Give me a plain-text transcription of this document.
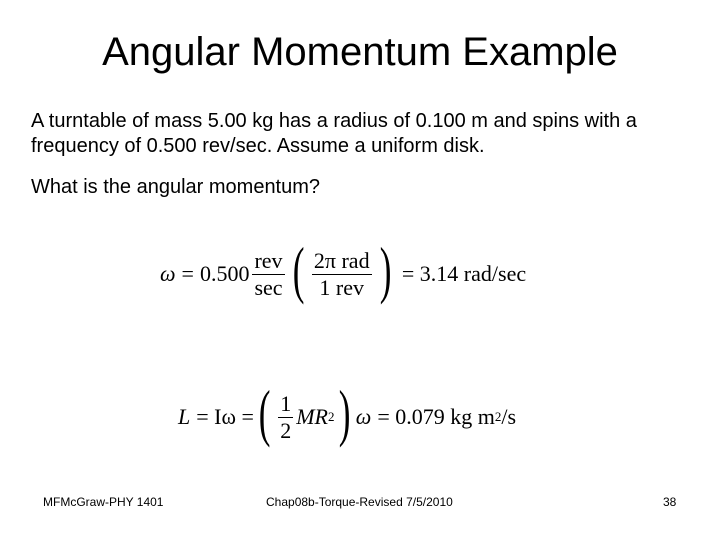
Angular Momentum Example
A turntable of mass 5.00 kg has a radius of 0.100 m and spins with a frequency of 0.500 rev/sec. Assume a uniform disk.
What is the angular momentum?
$\omega = 0.500 \frac{\text{rev}}{\sec}$ ( $\frac{\text{2π rad}}{\text{1 rev}}$ ) = 3.14 rad/sec
L = Iω = ( $\frac{1}{2}$ MR 2 ) ω = 0.079 kg m 2 /s
MFMcGraw-PHY 1401	Chap08b-Torque-Revised 7/5/2010	38
